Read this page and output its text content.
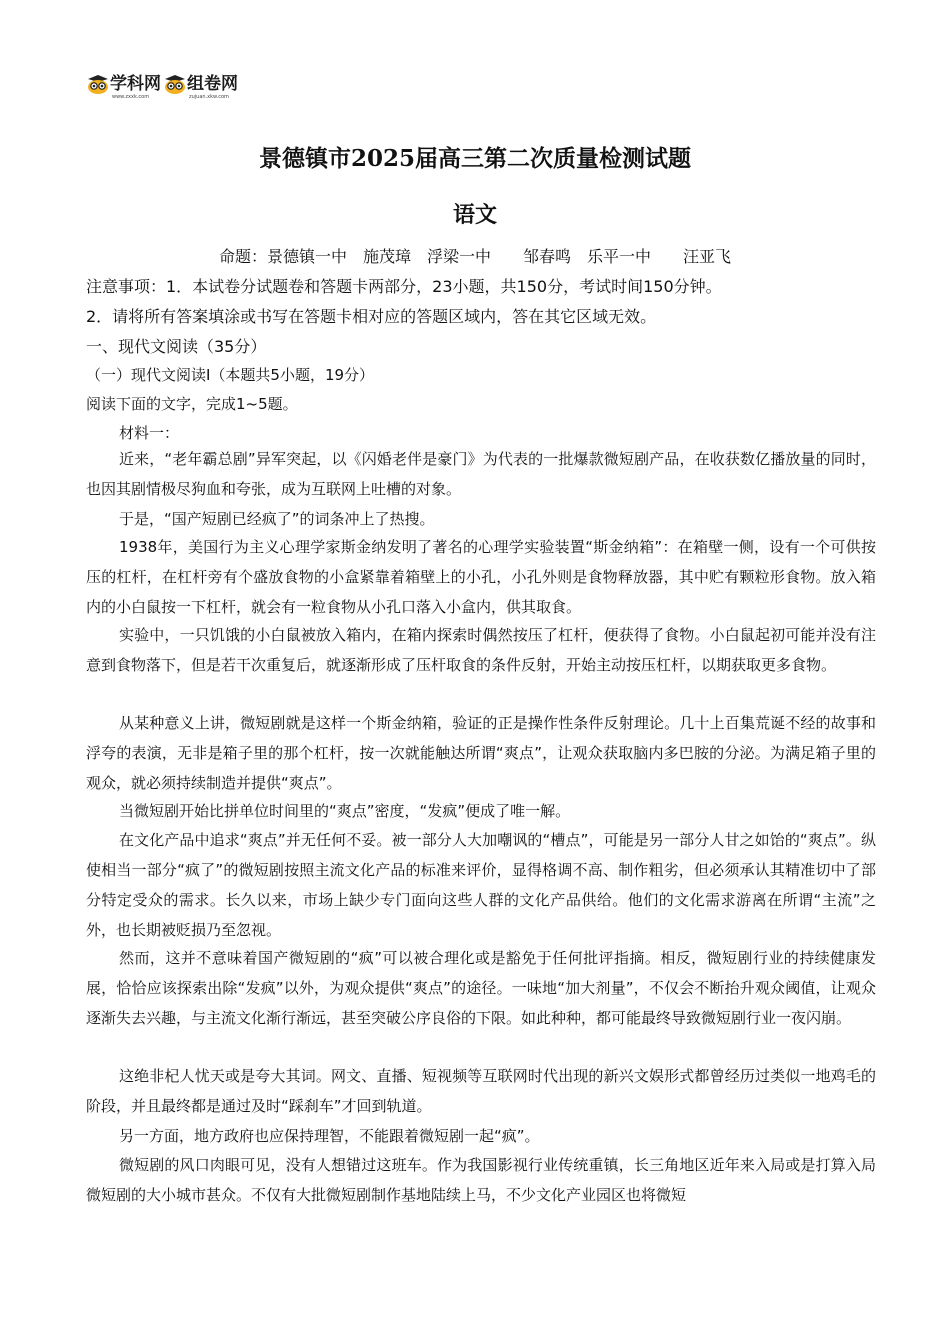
学科网
www.zxxk.com
组卷网
zujuan.xkw.com
景德镇市2025届高三第二次质量检测试题
语文
命题：景德镇一中　施茂璋　浮梁一中　　邹春鸣　乐平一中　　汪亚飞
注意事项：1．本试卷分试题卷和答题卡两部分，23小题，共150分，考试时间150分钟。
2．请将所有答案填涂或书写在答题卡相对应的答题区域内，答在其它区域无效。
一、现代文阅读（35分）
（一）现代文阅读Ⅰ（本题共5小题，19分）
阅读下面的文字，完成1~5题。
材料一：
近来，“老年霸总剧”异军突起，以《闪婚老伴是豪门》为代表的一批爆款微短剧产品，在收获数亿播放量的同时，也因其剧情极尽狗血和夸张，成为互联网上吐槽的对象。
于是，“国产短剧已经疯了”的词条冲上了热搜。
1938年，美国行为主义心理学家斯金纳发明了著名的心理学实验装置“斯金纳箱”：在箱壁一侧，设有一个可供按压的杠杆，在杠杆旁有个盛放食物的小盒紧靠着箱壁上的小孔，小孔外则是食物释放器，其中贮有颗粒形食物。放入箱内的小白鼠按一下杠杆，就会有一粒食物从小孔口落入小盒内，供其取食。
实验中，一只饥饿的小白鼠被放入箱内，在箱内探索时偶然按压了杠杆，便获得了食物。小白鼠起初可能并没有注意到食物落下，但是若干次重复后，就逐渐形成了压杆取食的条件反射，开始主动按压杠杆，以期获取更多食物。
从某种意义上讲，微短剧就是这样一个斯金纳箱，验证的正是操作性条件反射理论。几十上百集荒诞不经的故事和浮夸的表演，无非是箱子里的那个杠杆，按一次就能触达所谓“爽点”，让观众获取脑内多巴胺的分泌。为满足箱子里的观众，就必须持续制造并提供“爽点”。
当微短剧开始比拼单位时间里的“爽点”密度，“发疯”便成了唯一解。
在文化产品中追求“爽点”并无任何不妥。被一部分人大加嘲讽的“槽点”，可能是另一部分人甘之如饴的“爽点”。纵使相当一部分“疯了”的微短剧按照主流文化产品的标准来评价，显得格调不高、制作粗劣，但必须承认其精准切中了部分特定受众的需求。长久以来，市场上缺少专门面向这些人群的文化产品供给。他们的文化需求游离在所谓“主流”之外，也长期被贬损乃至忽视。
然而，这并不意味着国产微短剧的“疯”可以被合理化或是豁免于任何批评指摘。相反，微短剧行业的持续健康发展，恰恰应该探索出除“发疯”以外，为观众提供“爽点”的途径。一味地“加大剂量”，不仅会不断抬升观众阈值，让观众逐渐失去兴趣，与主流文化渐行渐远，甚至突破公序良俗的下限。如此种种，都可能最终导致微短剧行业一夜闪崩。
这绝非杞人忧天或是夸大其词。网文、直播、短视频等互联网时代出现的新兴文娱形式都曾经历过类似一地鸡毛的阶段，并且最终都是通过及时“踩刹车”才回到轨道。
另一方面，地方政府也应保持理智，不能跟着微短剧一起“疯”。
微短剧的风口肉眼可见，没有人想错过这班车。作为我国影视行业传统重镇，长三角地区近年来入局或是打算入局微短剧的大小城市甚众。不仅有大批微短剧制作基地陆续上马，不少文化产业园区也将微短
